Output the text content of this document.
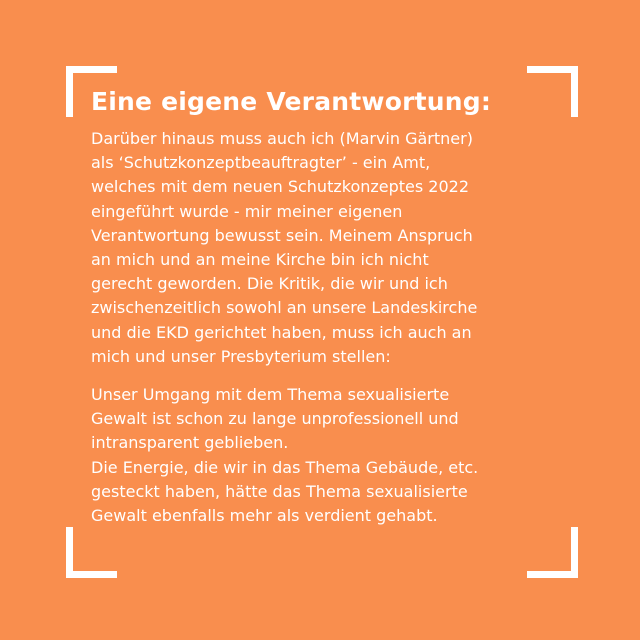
Eine eigene Verantwortung:

Darüber hinaus muss auch ich (Marvin Gärtner)
als ‘Schutzkonzeptbeauftragter’ - ein Amt,
welches mit dem neuen Schutzkonzeptes 2022
eingeführt wurde - mir meiner eigenen
Verantwortung bewusst sein. Meinem Anspruch
an mich und an meine Kirche bin ich nicht
gerecht geworden. Die Kritik, die wir und ich
zwischenzeitlich sowohl an unsere Landeskirche
und die EKD gerichtet haben, muss ich auch an
mich und unser Presbyterium stellen:

Unser Umgang mit dem Thema sexualisierte
Gewalt ist schon zu lange unprofessionell und
intransparent geblieben.
Die Energie, die wir in das Thema Gebäude, etc.
gesteckt haben, hätte das Thema sexualisierte
Gewalt ebenfalls mehr als verdient gehabt.
